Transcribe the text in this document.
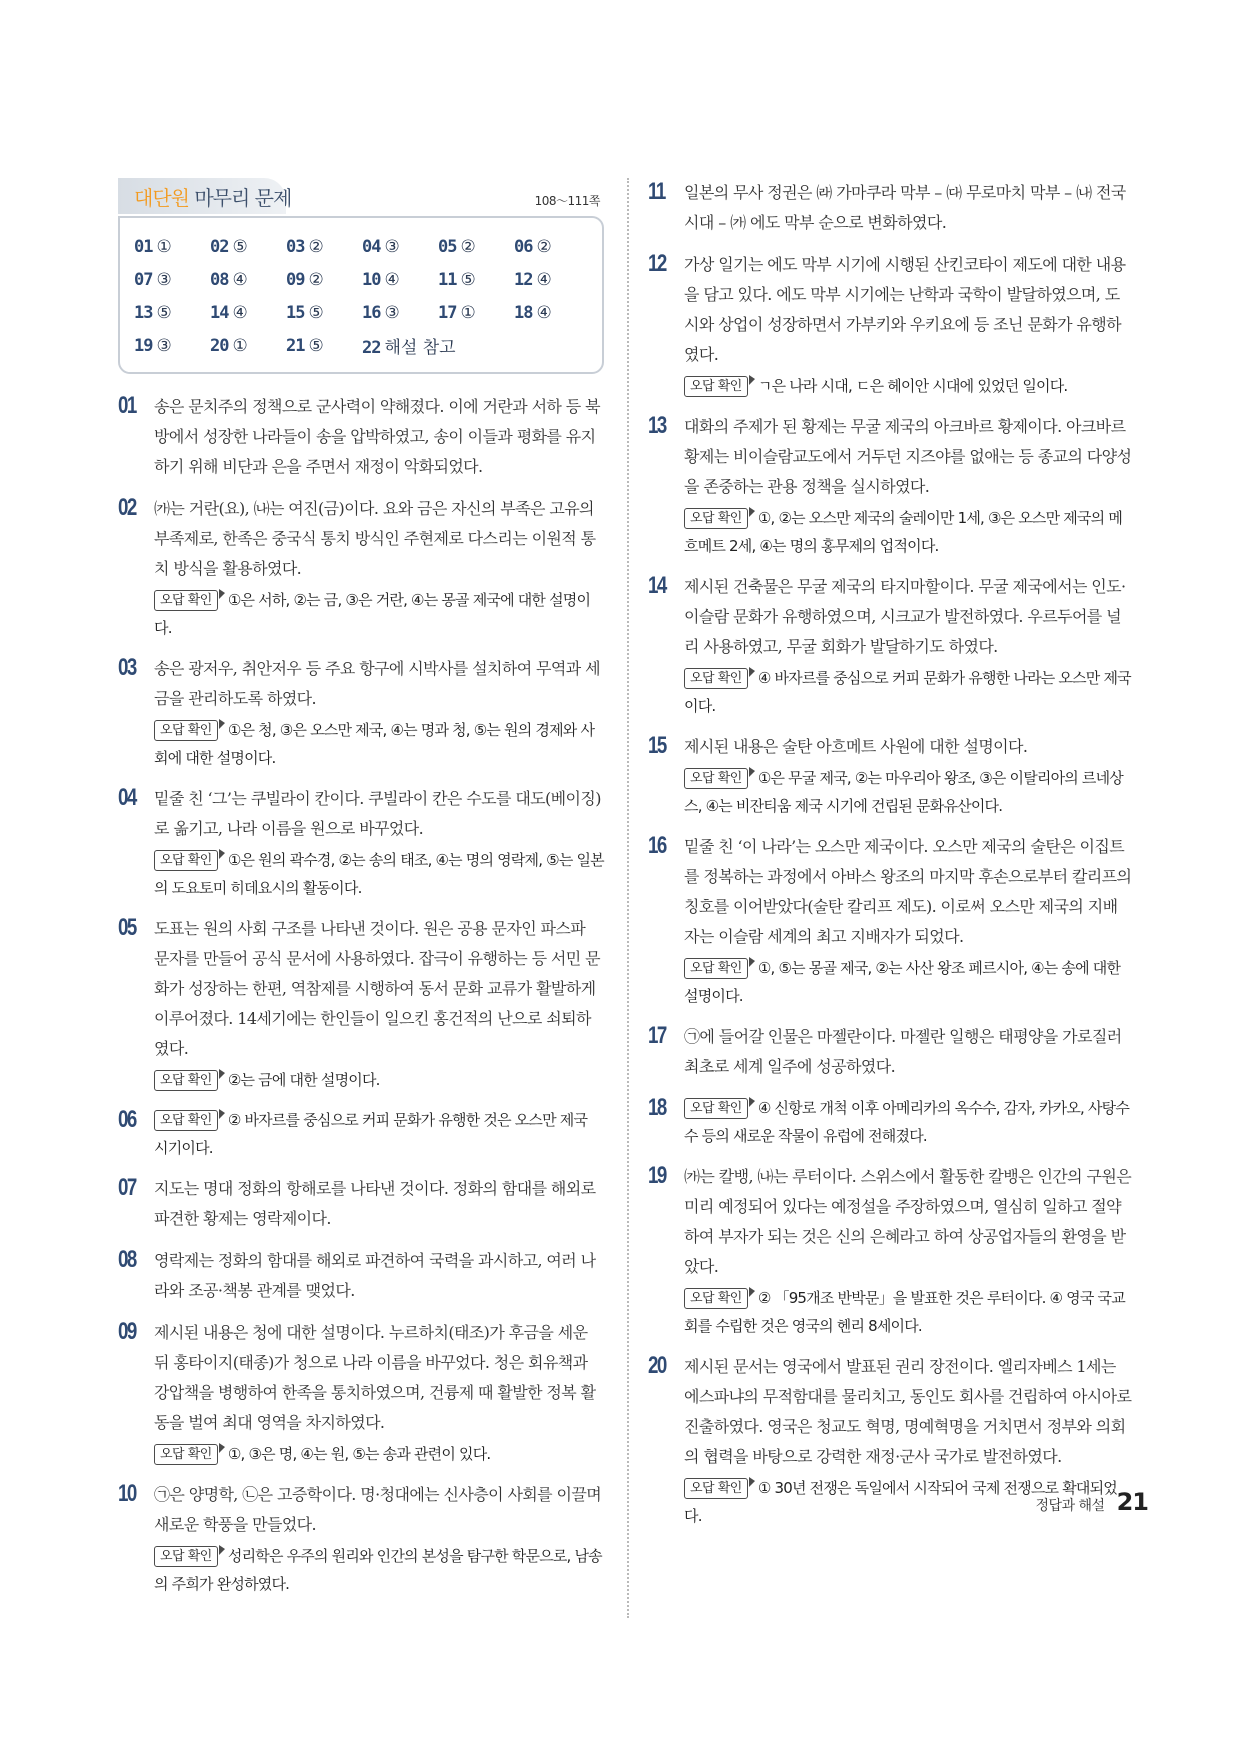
대단원 마무리 문제	108～111쪽
01 ①	02 ⑤	03 ②	04 ③	05 ②	06 ②
07 ③	08 ④	09 ②	10 ④	11 ⑤	12 ④
13 ⑤	14 ④	15 ⑤	16 ③	17 ①	18 ④
19 ③	20 ①	21 ⑤	22 해설 참고
01 송은 문치주의 정책으로 군사력이 약해졌다. 이에 거란과 서하 등 북방에서 성장한 나라들이 송을 압박하였고, 송이 이들과 평화를 유지하기 위해 비단과 은을 주면서 재정이 악화되었다.
02 ㈎는 거란(요), ㈏는 여진(금)이다. 요와 금은 자신의 부족은 고유의 부족제로, 한족은 중국식 통치 방식인 주현제로 다스리는 이원적 통치 방식을 활용하였다.
오답 확인 ①은 서하, ②는 금, ③은 거란, ④는 몽골 제국에 대한 설명이다.
03 송은 광저우, 취안저우 등 주요 항구에 시박사를 설치하여 무역과 세금을 관리하도록 하였다.
오답 확인 ①은 청, ③은 오스만 제국, ④는 명과 청, ⑤는 원의 경제와 사회에 대한 설명이다.
04 밑줄 친 ‘그’는 쿠빌라이 칸이다. 쿠빌라이 칸은 수도를 대도(베이징)로 옮기고, 나라 이름을 원으로 바꾸었다.
오답 확인 ①은 원의 곽수경, ②는 송의 태조, ④는 명의 영락제, ⑤는 일본의 도요토미 히데요시의 활동이다.
05 도표는 원의 사회 구조를 나타낸 것이다. 원은 공용 문자인 파스파 문자를 만들어 공식 문서에 사용하였다. 잡극이 유행하는 등 서민 문화가 성장하는 한편, 역참제를 시행하여 동서 문화 교류가 활발하게 이루어졌다. 14세기에는 한인들이 일으킨 홍건적의 난으로 쇠퇴하였다.
오답 확인 ②는 금에 대한 설명이다.
06	오답 확인 ② 바자르를 중심으로 커피 문화가 유행한 것은 오스만 제국 시기이다.
07 지도는 명대 정화의 항해로를 나타낸 것이다. 정화의 함대를 해외로 파견한 황제는 영락제이다.
08 영락제는 정화의 함대를 해외로 파견하여 국력을 과시하고, 여러 나라와 조공·책봉 관계를 맺었다.
09 제시된 내용은 청에 대한 설명이다. 누르하치(태조)가 후금을 세운 뒤 홍타이지(태종)가 청으로 나라 이름을 바꾸었다. 청은 회유책과 강압책을 병행하여 한족을 통치하였으며, 건륭제 때 활발한 정복 활동을 벌여 최대 영역을 차지하였다.
오답 확인 ①, ③은 명, ④는 원, ⑤는 송과 관련이 있다.
10 ㉠은 양명학, ㉡은 고증학이다. 명·청대에는 신사층이 사회를 이끌며 새로운 학풍을 만들었다.
오답 확인 성리학은 우주의 원리와 인간의 본성을 탐구한 학문으로, 남송의 주희가 완성하였다.
11 일본의 무사 정권은 ㈑ 가마쿠라 막부 – ㈐ 무로마치 막부 – ㈏ 전국 시대 – ㈎ 에도 막부 순으로 변화하였다.
12 가상 일기는 에도 막부 시기에 시행된 산킨코타이 제도에 대한 내용을 담고 있다. 에도 막부 시기에는 난학과 국학이 발달하였으며, 도시와 상업이 성장하면서 가부키와 우키요에 등 조닌 문화가 유행하였다.
오답 확인 ㄱ은 나라 시대, ㄷ은 헤이안 시대에 있었던 일이다.
13 대화의 주제가 된 황제는 무굴 제국의 아크바르 황제이다. 아크바르 황제는 비이슬람교도에서 거두던 지즈야를 없애는 등 종교의 다양성을 존중하는 관용 정책을 실시하였다.
오답 확인 ①, ②는 오스만 제국의 술레이만 1세, ③은 오스만 제국의 메흐메트 2세, ④는 명의 홍무제의 업적이다.
14 제시된 건축물은 무굴 제국의 타지마할이다. 무굴 제국에서는 인도·이슬람 문화가 유행하였으며, 시크교가 발전하였다. 우르두어를 널리 사용하였고, 무굴 회화가 발달하기도 하였다.
오답 확인 ④ 바자르를 중심으로 커피 문화가 유행한 나라는 오스만 제국이다.
15 제시된 내용은 술탄 아흐메트 사원에 대한 설명이다.
오답 확인 ①은 무굴 제국, ②는 마우리아 왕조, ③은 이탈리아의 르네상스, ④는 비잔티움 제국 시기에 건립된 문화유산이다.
16 밑줄 친 ‘이 나라’는 오스만 제국이다. 오스만 제국의 술탄은 이집트를 정복하는 과정에서 아바스 왕조의 마지막 후손으로부터 칼리프의 칭호를 이어받았다(술탄 칼리프 제도). 이로써 오스만 제국의 지배자는 이슬람 세계의 최고 지배자가 되었다.
오답 확인 ①, ⑤는 몽골 제국, ②는 사산 왕조 페르시아, ④는 송에 대한 설명이다.
17 ㉠에 들어갈 인물은 마젤란이다. 마젤란 일행은 태평양을 가로질러 최초로 세계 일주에 성공하였다.
18	오답 확인 ④ 신항로 개척 이후 아메리카의 옥수수, 감자, 카카오, 사탕수수 등의 새로운 작물이 유럽에 전해졌다.
19 ㈎는 칼뱅, ㈏는 루터이다. 스위스에서 활동한 칼뱅은 인간의 구원은 미리 예정되어 있다는 예정설을 주장하였으며, 열심히 일하고 절약하여 부자가 되는 것은 신의 은혜라고 하여 상공업자들의 환영을 받았다.
오답 확인 ② 「95개조 반박문」을 발표한 것은 루터이다. ④ 영국 국교회를 수립한 것은 영국의 헨리 8세이다.
20 제시된 문서는 영국에서 발표된 권리 장전이다. 엘리자베스 1세는 에스파냐의 무적함대를 물리치고, 동인도 회사를 건립하여 아시아로 진출하였다. 영국은 청교도 혁명, 명예혁명을 거치면서 정부와 의회의 협력을 바탕으로 강력한 재정·군사 국가로 발전하였다.
오답 확인 ① 30년 전쟁은 독일에서 시작되어 국제 전쟁으로 확대되었다.
정답과 해설 21
